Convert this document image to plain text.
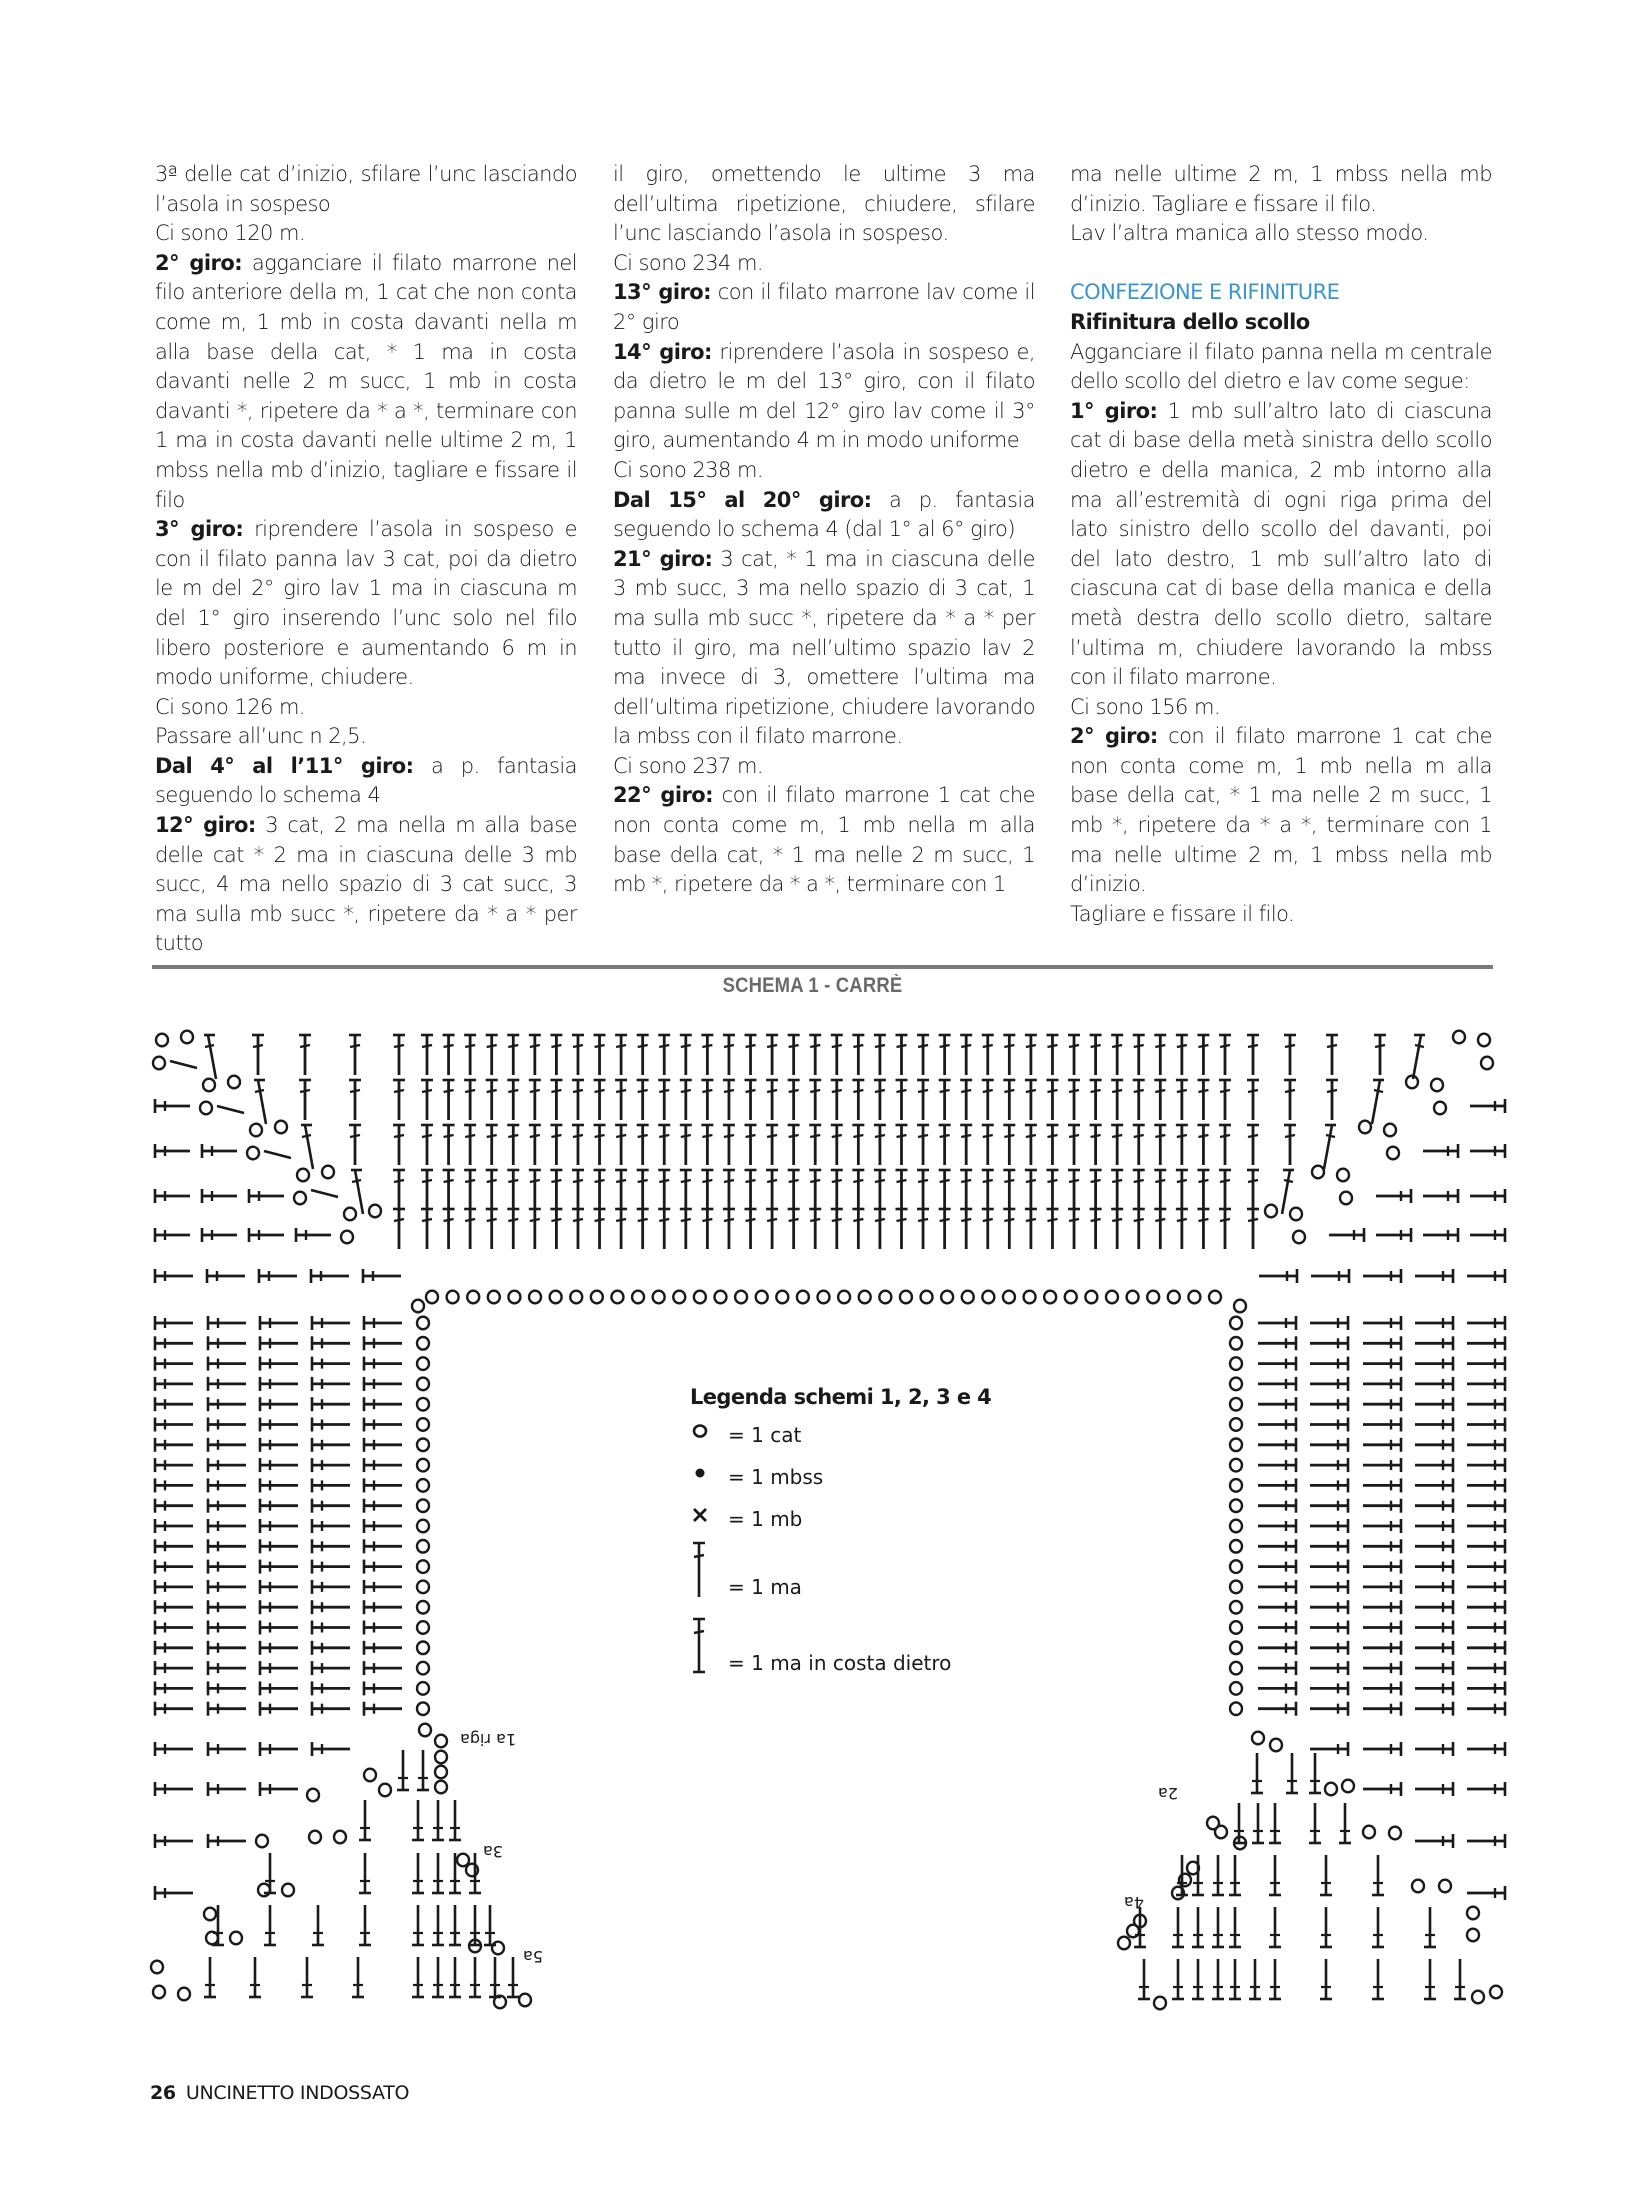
3ª delle cat d’inizio, sfilare l’unc lasciando l’asola in sospeso

Ci sono 120 m.

2° giro: agganciare il filato marrone nel filo anteriore della m, 1 cat che non conta come m, 1 mb in costa davanti nella m alla base della cat, * 1 ma in costa davanti nelle 2 m succ, 1 mb in costa davanti *, ripetere da * a *, terminare con 1 ma in costa davanti nelle ultime 2 m, 1 mbss nella mb d’inizio, tagliare e fissare il filo

3° giro: riprendere l’asola in sospeso e con il filato panna lav 3 cat, poi da dietro le m del 2° giro lav 1 ma in ciascuna m del 1° giro inserendo l’unc solo nel filo libero posteriore e aumentando 6 m in modo uniforme, chiudere.

Ci sono 126 m.

Passare all’unc n 2,5.

Dal 4° al l’11° giro: a p. fantasia seguendo lo schema 4

12° giro: 3 cat, 2 ma nella m alla base delle cat * 2 ma in ciascuna delle 3 mb succ, 4 ma nello spazio di 3 cat succ, 3 ma sulla mb succ *, ripetere da * a * per tutto

il giro, omettendo le ultime 3 ma dell’ultima ripetizione, chiudere, sfilare l’unc lasciando l’asola in sospeso.

Ci sono 234 m.

13° giro: con il filato marrone lav come il 2° giro

14° giro: riprendere l’asola in sospeso e, da dietro le m del 13° giro, con il filato panna sulle m del 12° giro lav come il 3° giro, aumentando 4 m in modo uniforme

Ci sono 238 m.

Dal 15° al 20° giro: a p. fantasia seguendo lo schema 4 (dal 1° al 6° giro)

21° giro: 3 cat, * 1 ma in ciascuna delle 3 mb succ, 3 ma nello spazio di 3 cat, 1 ma sulla mb succ *, ripetere da * a * per tutto il giro, ma nell’ultimo spazio lav 2 ma invece di 3, omettere l’ultima ma dell’ultima ripetizione, chiudere lavorando la mbss con il filato marrone.

Ci sono 237 m.

22° giro: con il filato marrone 1 cat che non conta come m, 1 mb nella m alla base della cat, * 1 ma nelle 2 m succ, 1 mb *, ripetere da * a *, terminare con 1

ma nelle ultime 2 m, 1 mbss nella mb d’inizio. Tagliare e fissare il filo.

Lav l’altra manica allo stesso modo.

CONFEZIONE E RIFINITURE

Rifinitura dello scollo

Agganciare il filato panna nella m centrale dello scollo del dietro e lav come segue:

1° giro: 1 mb sull’altro lato di ciascuna cat di base della metà sinistra dello scollo dietro e della manica, 2 mb intorno alla ma all’estremità di ogni riga prima del lato sinistro dello scollo del davanti, poi del lato destro, 1 mb sull’altro lato di ciascuna cat di base della manica e della metà destra dello scollo dietro, saltare l’ultima m, chiudere lavorando la mbss con il filato marrone.

Ci sono 156 m.

2° giro: con il filato marrone 1 cat che non conta come m, 1 mb nella m alla base della cat, * 1 ma nelle 2 m succ, 1 mb *, ripetere da * a *, terminare con 1 ma nelle ultime 2 m, 1 mbss nella mb d’inizio.

Tagliare e fissare il filo.

SCHEMA 1 - CARRÈ
1a riga
2a
3a
4a
5a
Legenda schemi 1, 2, 3 e 4
= 1 cat
= 1 mbss
= 1 mb
= 1 ma
= 1 ma in costa dietro
26 UNCINETTO INDOSSATO
